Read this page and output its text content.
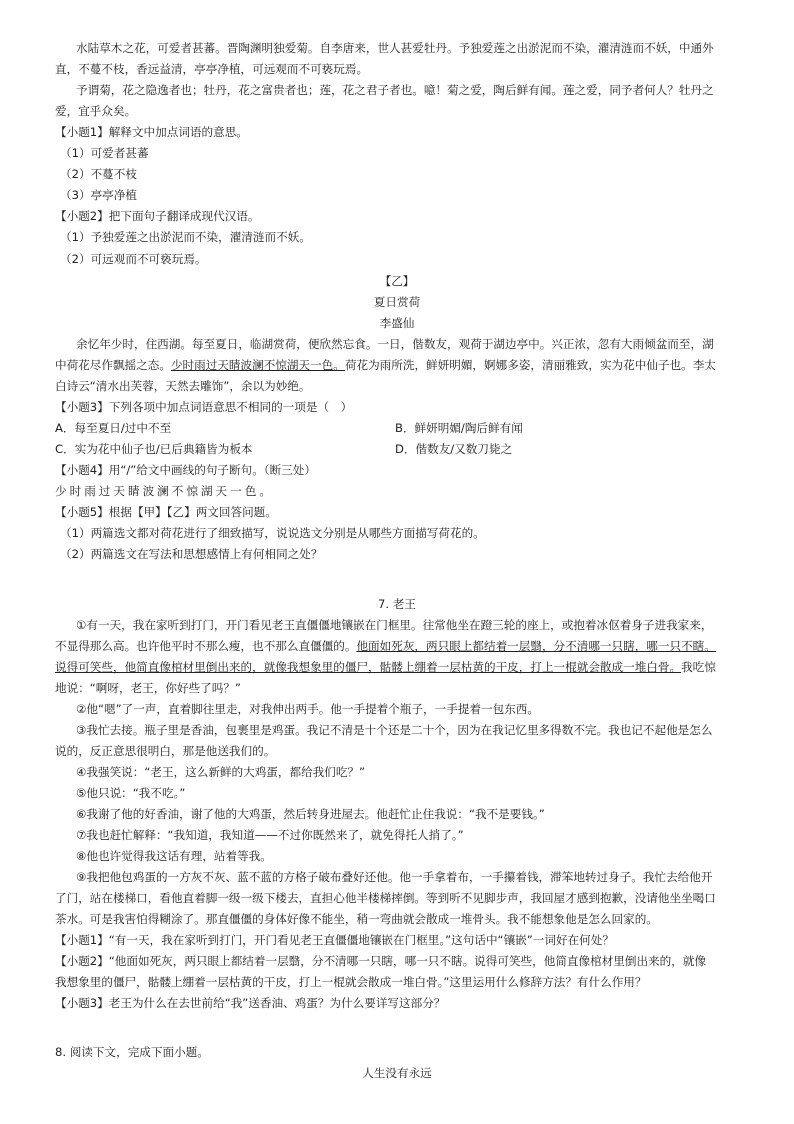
水陆草木之花，可爱者甚蕃。晋陶渊明独爱菊。自李唐来，世人甚爱牡丹。予独爱莲之出淤泥而不染，濯清涟而不妖，中通外
直，不蔓不枝，香远益清，亭亭净植，可远观而不可亵玩焉。
予谓菊，花之隐逸者也；牡丹，花之富贵者也；莲，花之君子者也。噫！菊之爱，陶后鲜有闻。莲之爱，同予者何人？牡丹之
爱，宜乎众矣。
【小题1】解释文中加点词语的意思。
（1）可爱者甚蕃
（2）不蔓不枝
（3）亭亭净植
【小题2】把下面句子翻译成现代汉语。
（1）予独爱莲之出淤泥而不染，濯清涟而不妖。
（2）可远观而不可亵玩焉。
【乙】
夏日赏荷
李盛仙
余忆年少时，住西湖。每至夏日，临湖赏荷，便欣然忘食。一日，偕数友，观荷于湖边亭中。兴正浓，忽有大雨倾盆而至，湖
中荷花尽作飘摇之态。少时雨过天睛波澜不惊湖天一色。荷花为雨所洗，鲜妍明媚，婀娜多姿，清丽雅致，实为花中仙子也。李太
白诗云“清水出芙蓉，天然去雕饰”，余以为妙绝。
【小题3】下列各项中加点词语意思不相同的一项是（　）
A．每至夏日/过中不至	B．鲜妍明媚/陶后鲜有闻
C．实为花中仙子也/已后典籍皆为板本	D．偕数友/又数刀毙之
【小题4】用“/”给文中画线的句子断句。（断三处）
少时雨过天睛波澜不惊湖天一色。
【小题5】根据【甲】【乙】两文回答问题。
（1）两篇选文都对荷花进行了细致描写，说说选文分别是从哪些方面描写荷花的。
（2）两篇选文在写法和思想感情上有何相同之处？
7. 老王
①有一天，我在家听到打门，开门看见老王直僵僵地镶嵌在门框里。往常他坐在蹬三轮的座上，或抱着冰伛着身子进我家来，
不显得那么高。也许他平时不那么瘦，也不那么直僵僵的。他面如死灰，两只眼上都结着一层翳，分不清哪一只瞎，哪一只不瞎。
说得可笑些，他简直像棺材里倒出来的，就像我想象里的僵尸，骷髅上绷着一层枯黄的干皮，打上一棍就会散成一堆白骨。我吃惊
地说：“啊呀，老王，你好些了吗？”
②他“嗯”了一声，直着脚往里走，对我伸出两手。他一手提着个瓶子，一手提着一包东西。
③我忙去接。瓶子里是香油，包裹里是鸡蛋。我记不清是十个还是二十个，因为在我记忆里多得数不完。我也记不起他是怎么
说的，反正意思很明白，那是他送我们的。
④我强笑说：“老王，这么新鲜的大鸡蛋，都给我们吃？”
⑤他只说：“我不吃。”
⑥我谢了他的好香油，谢了他的大鸡蛋，然后转身进屋去。他赶忙止住我说：“我不是要钱。”
⑦我也赶忙解释：“我知道，我知道——不过你既然来了，就免得托人捎了。”
⑧他也许觉得我这话有理，站着等我。
⑨我把他包鸡蛋的一方灰不灰、蓝不蓝的方格子破布叠好还他。他一手拿着布，一手攥着钱，滞笨地转过身子。我忙去给他开
了门，站在楼梯口，看他直着脚一级一级下楼去，直担心他半楼梯摔倒。等到听不见脚步声，我回屋才感到抱歉，没请他坐坐喝口
茶水。可是我害怕得糊涂了。那直僵僵的身体好像不能坐，稍一弯曲就会散成一堆骨头。我不能想象他是怎么回家的。
【小题1】“有一天，我在家听到打门，开门看见老王直僵僵地镶嵌在门框里。”这句话中“镶嵌”一词好在何处？
【小题2】“他面如死灰，两只眼上都结着一层翳，分不清哪一只瞎，哪一只不瞎。说得可笑些，他简直像棺材里倒出来的，就像
我想象里的僵尸，骷髅上绷着一层枯黄的干皮，打上一棍就会散成一堆白骨。”这里运用什么修辞方法？有什么作用？
【小题3】老王为什么在去世前给“我”送香油、鸡蛋？为什么要详写这部分？
8. 阅读下文，完成下面小题。
人生没有永远
